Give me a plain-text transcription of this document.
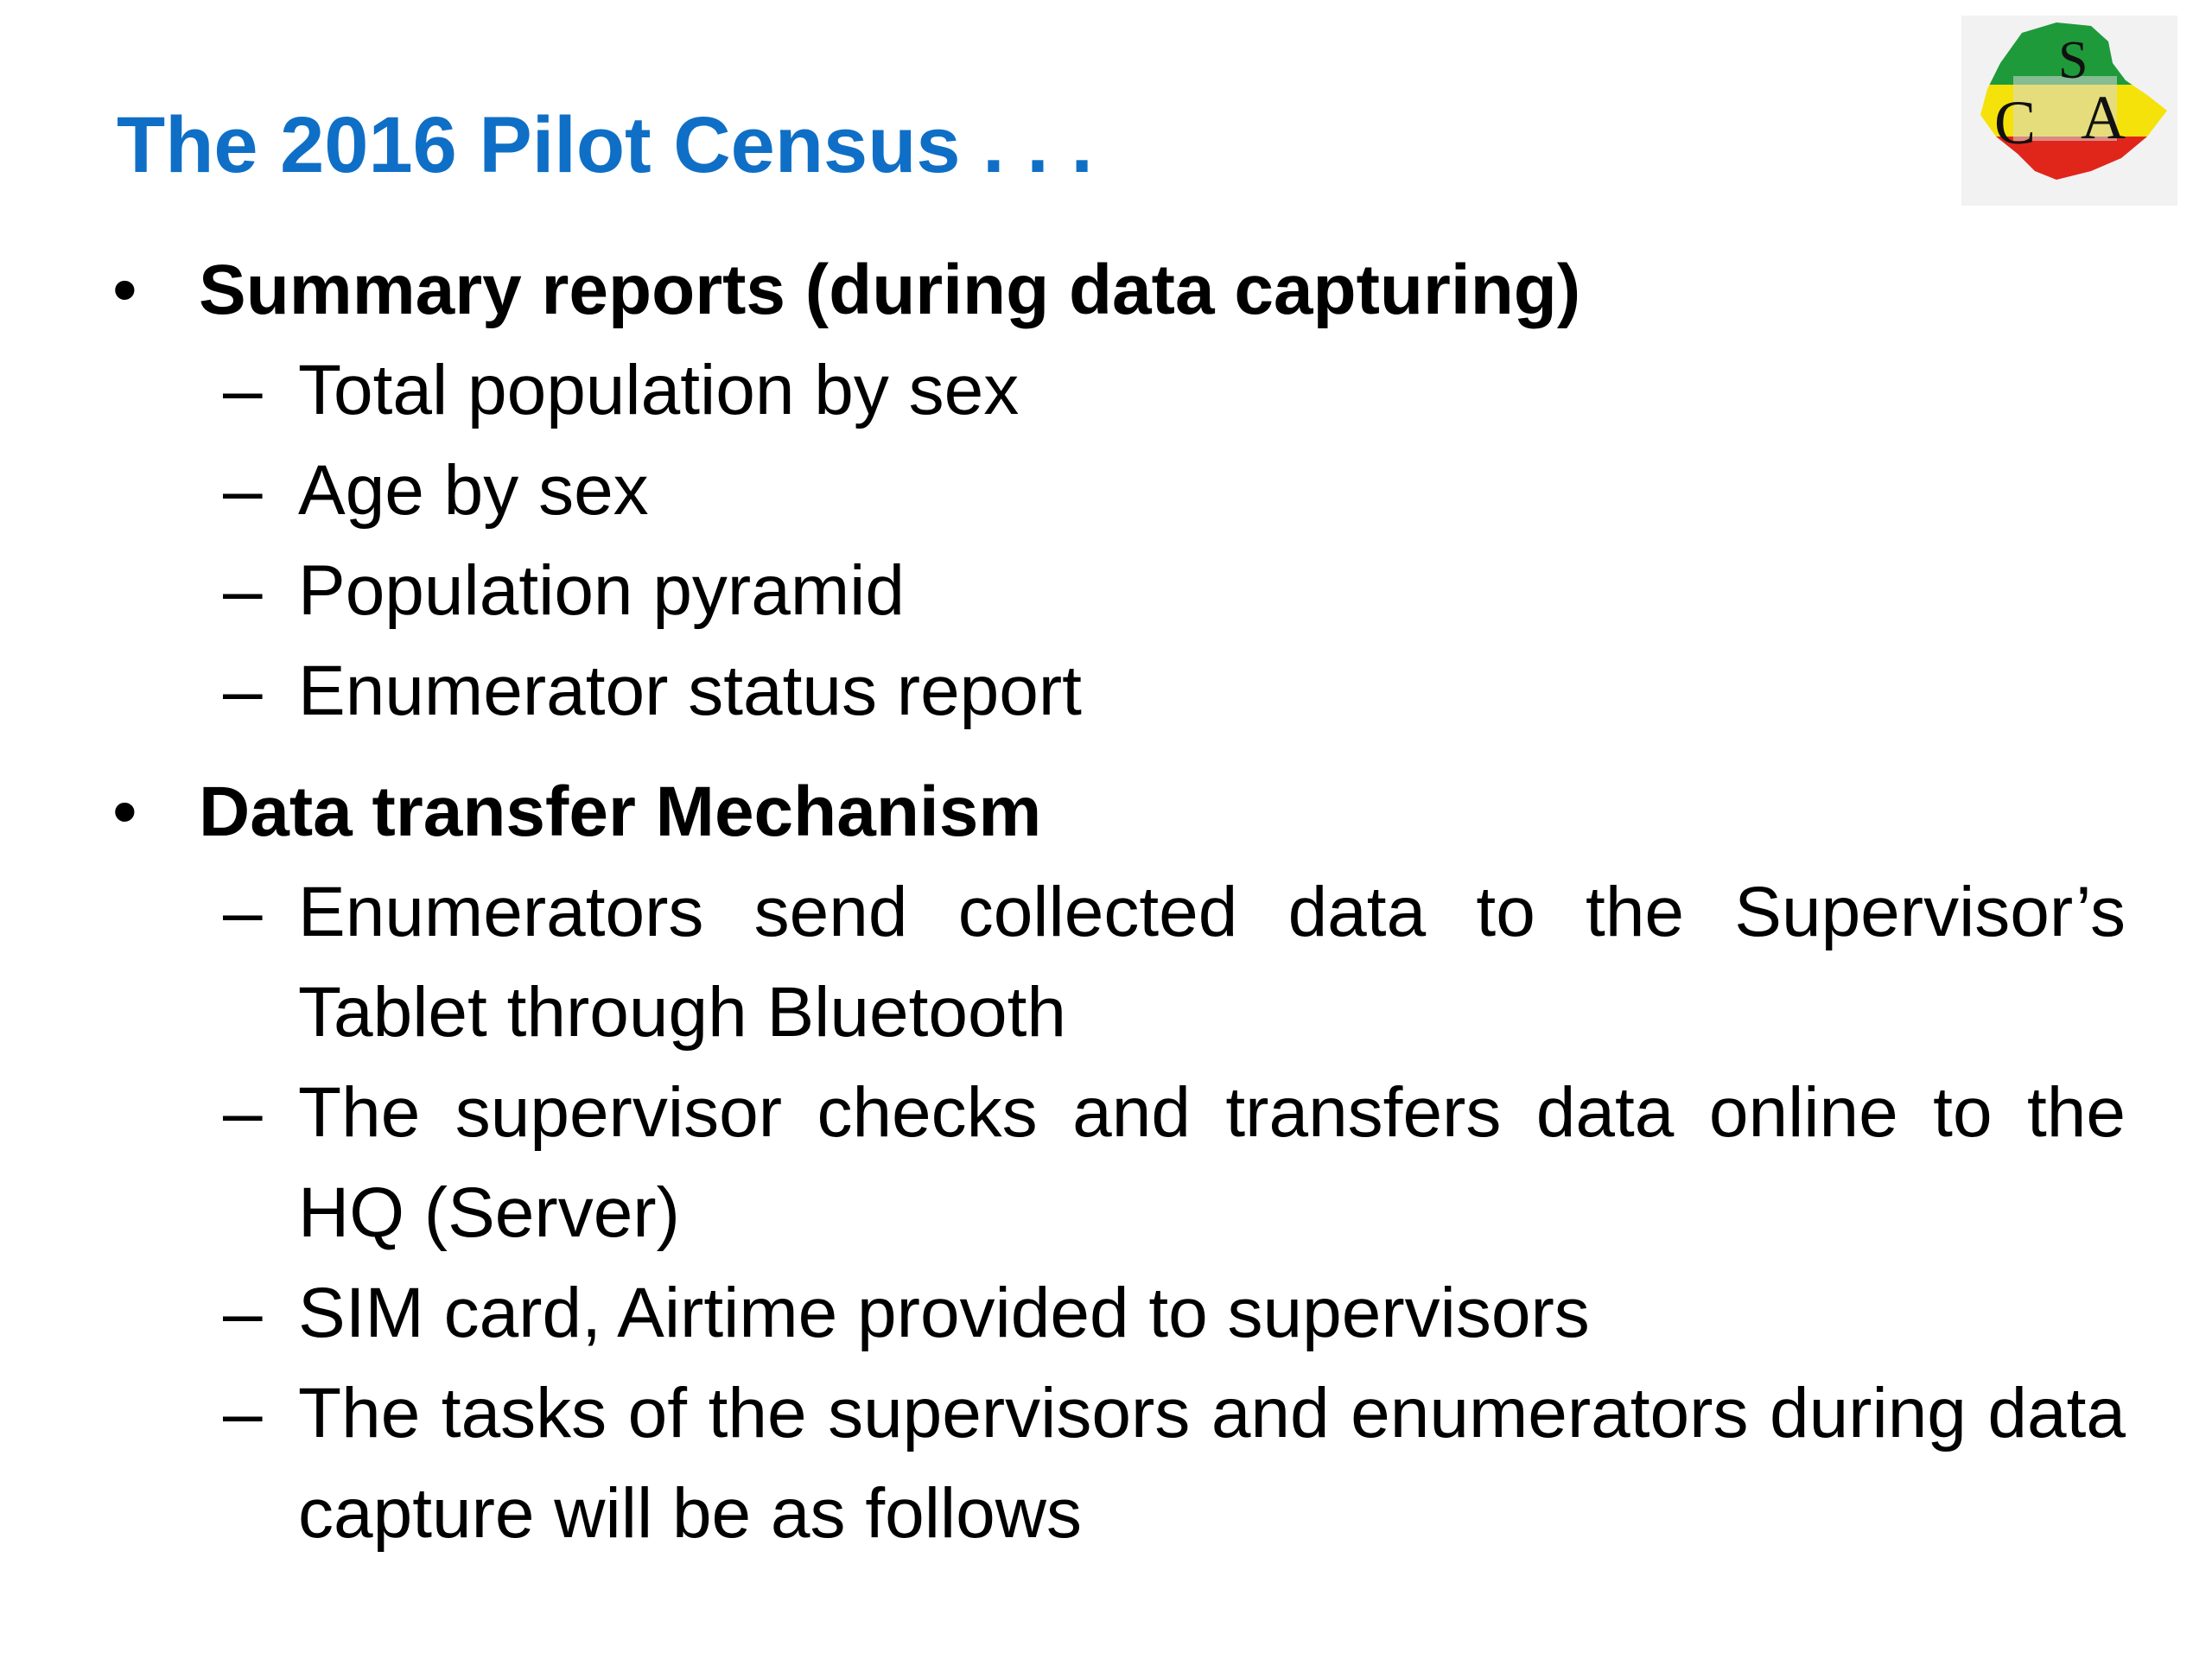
The 2016 Pilot Census . . .
S
C A
• Summary reports (during data capturing)
– Total population by sex
– Age by sex
– Population pyramid
– Enumerator status report
• Data transfer Mechanism
– Enumerators send collected data to the Supervisor’s Tablet through Bluetooth
– The supervisor checks and transfers data online to the HQ (Server)
– SIM card, Airtime provided to supervisors
– The tasks of the supervisors and enumerators during data capture will be as follows
